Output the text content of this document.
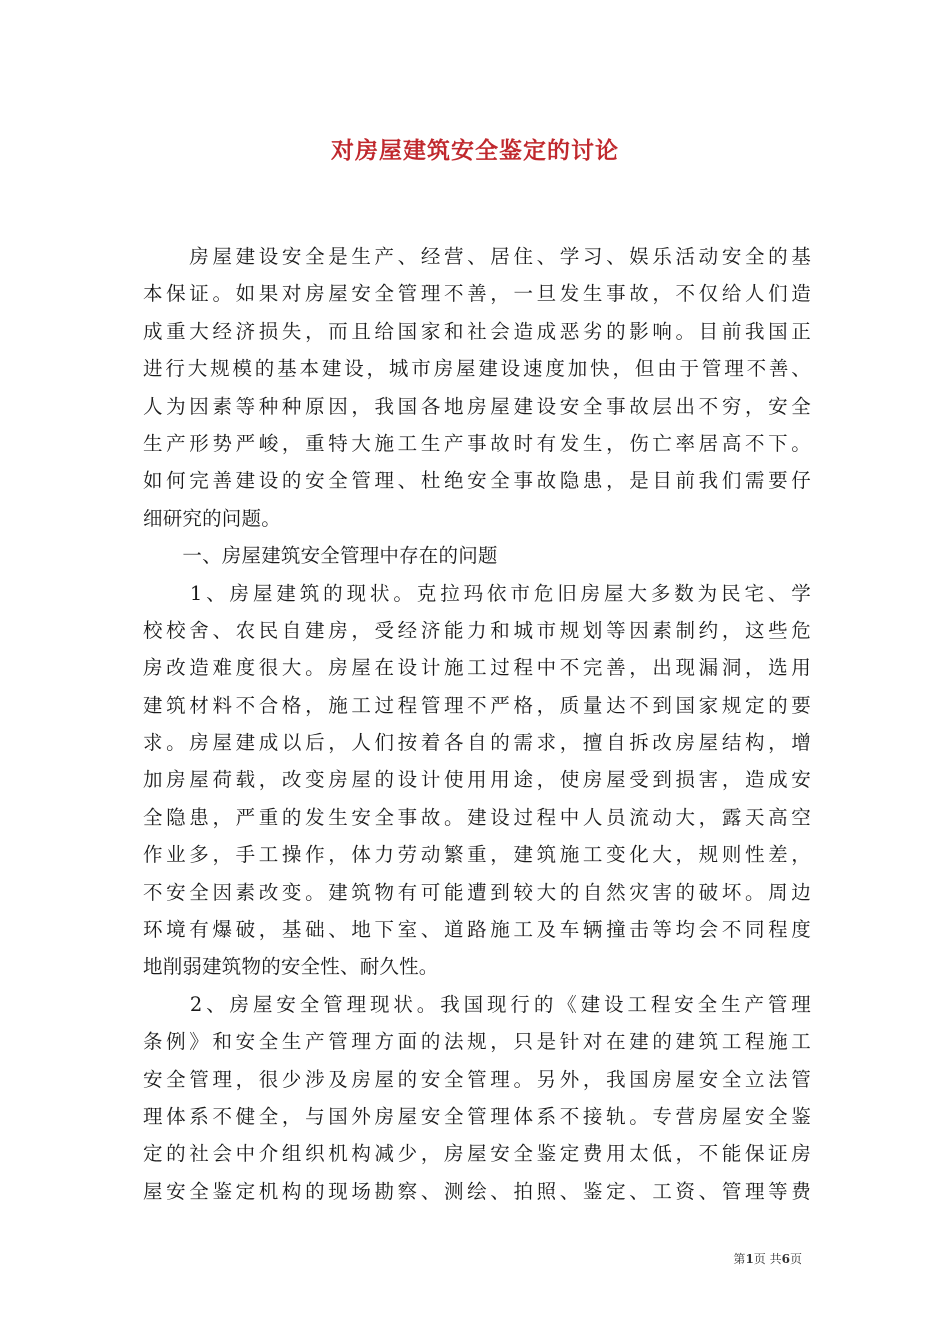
对房屋建筑安全鉴定的讨论
　　房屋建设安全是生产、经营、居住、学习、娱乐活动安全的基
本保证。如果对房屋安全管理不善，一旦发生事故，不仅给人们造
成重大经济损失，而且给国家和社会造成恶劣的影响。目前我国正
进行大规模的基本建设，城市房屋建设速度加快，但由于管理不善、
人为因素等种种原因，我国各地房屋建设安全事故层出不穷，安全
生产形势严峻，重特大施工生产事故时有发生，伤亡率居高不下。
如何完善建设的安全管理、杜绝安全事故隐患，是目前我们需要仔
细研究的问题。
　　一、房屋建筑安全管理中存在的问题
　　1、房屋建筑的现状。克拉玛依市危旧房屋大多数为民宅、学
校校舍、农民自建房，受经济能力和城市规划等因素制约，这些危
房改造难度很大。房屋在设计施工过程中不完善，出现漏洞，选用
建筑材料不合格，施工过程管理不严格，质量达不到国家规定的要
求。房屋建成以后，人们按着各自的需求，擅自拆改房屋结构，增
加房屋荷载，改变房屋的设计使用用途，使房屋受到损害，造成安
全隐患，严重的发生安全事故。建设过程中人员流动大，露天高空
作业多，手工操作，体力劳动繁重，建筑施工变化大，规则性差，
不安全因素改变。建筑物有可能遭到较大的自然灾害的破坏。周边
环境有爆破，基础、地下室、道路施工及车辆撞击等均会不同程度
地削弱建筑物的安全性、耐久性。
　　2、房屋安全管理现状。我国现行的《建设工程安全生产管理
条例》和安全生产管理方面的法规，只是针对在建的建筑工程施工
安全管理，很少涉及房屋的安全管理。另外，我国房屋安全立法管
理体系不健全，与国外房屋安全管理体系不接轨。专营房屋安全鉴
定的社会中介组织机构减少，房屋安全鉴定费用太低，不能保证房
屋安全鉴定机构的现场勘察、测绘、拍照、鉴定、工资、管理等费
第1页 共6页
